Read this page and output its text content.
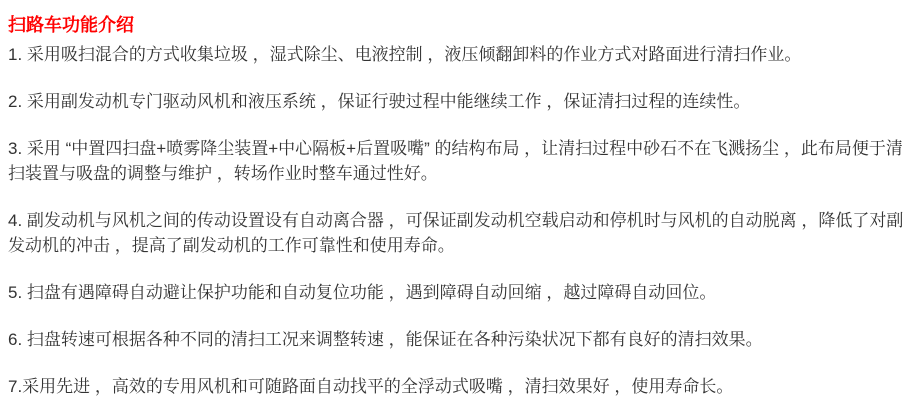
扫路车功能介绍

1. 采用吸扫混合的方式收集垃圾 ，湿式除尘、电液控制 ，液压倾翻卸料的作业方式对路面进行清扫作业。

2. 采用副发动机专门驱动风机和液压系统 ，保证行驶过程中能继续工作 ，保证清扫过程的连续性。

3. 采用 “中置四扫盘+喷雾降尘装置+中心隔板+后置吸嘴” 的结构布局 ，让清扫过程中砂石不在飞溅扬尘 ，此布局便于清扫装置与吸盘的调整与维护 ，转场作业时整车通过性好。

4. 副发动机与风机之间的传动设置设有自动离合器 ，可保证副发动机空载启动和停机时与风机的自动脱离 ，降低了对副发动机的冲击 ，提高了副发动机的工作可靠性和使用寿命。

5. 扫盘有遇障碍自动避让保护功能和自动复位功能 ，遇到障碍自动回缩 ，越过障碍自动回位。

6. 扫盘转速可根据各种不同的清扫工况来调整转速 ，能保证在各种污染状况下都有良好的清扫效果。

7.采用先进 ，高效的专用风机和可随路面自动找平的全浮动式吸嘴 ，清扫效果好 ，使用寿命长。
